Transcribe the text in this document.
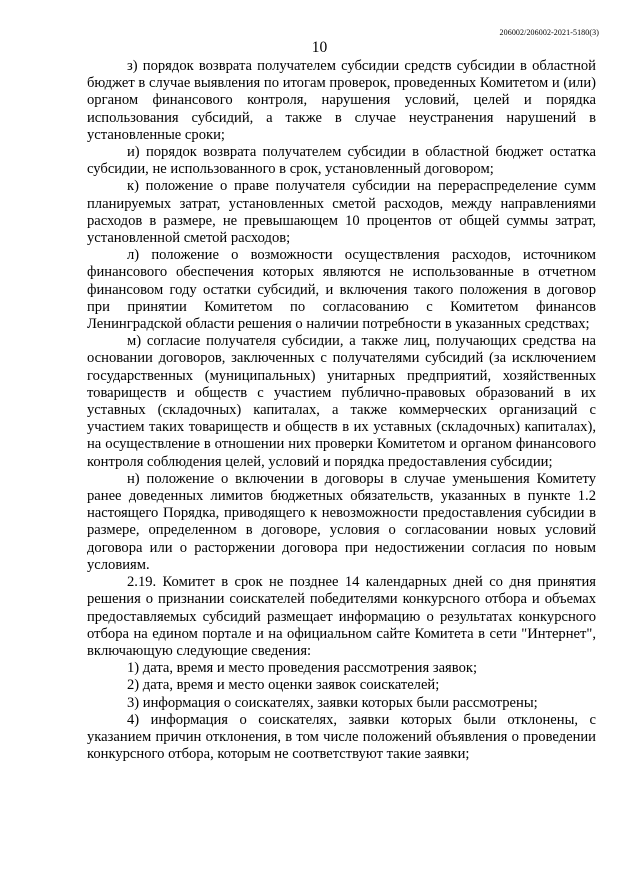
206002/206002-2021-5180(3)
10

з) порядок возврата получателем субсидии средств субсидии в областной бюджет в случае выявления по итогам проверок, проведенных Комитетом и (или) органом финансового контроля, нарушения условий, целей и порядка использования субсидий, а также в случае неустранения нарушений в установленные сроки;

и) порядок возврата получателем субсидии в областной бюджет остатка субсидии, не использованного в срок, установленный договором;

к) положение о праве получателя субсидии на перераспределение сумм планируемых затрат, установленных сметой расходов, между направлениями расходов в размере, не превышающем 10 процентов от общей суммы затрат, установленной сметой расходов;

л) положение о возможности осуществления расходов, источником финансового обеспечения которых являются не использованные в отчетном финансовом году остатки субсидий, и включения такого положения в договор при принятии Комитетом по согласованию с Комитетом финансов Ленинградской области решения о наличии потребности в указанных средствах;

м) согласие получателя субсидии, а также лиц, получающих средства на основании договоров, заключенных с получателями субсидий (за исключением государственных (муниципальных) унитарных предприятий, хозяйственных товариществ и обществ с участием публично-правовых образований в их уставных (складочных) капиталах, а также коммерческих организаций с участием таких товариществ и обществ в их уставных (складочных) капиталах), на осуществление в отношении них проверки Комитетом и органом финансового контроля соблюдения целей, условий и порядка предоставления субсидии;

н) положение о включении в договоры в случае уменьшения Комитету ранее доведенных лимитов бюджетных обязательств, указанных в пункте 1.2 настоящего Порядка, приводящего к невозможности предоставления субсидии в размере, определенном в договоре, условия о согласовании новых условий договора или о расторжении договора при недостижении согласия по новым условиям.

2.19. Комитет в срок не позднее 14 календарных дней со дня принятия решения о признании соискателей победителями конкурсного отбора и объемах предоставляемых субсидий размещает информацию о результатах конкурсного отбора на едином портале и на официальном сайте Комитета в сети "Интернет", включающую следующие сведения:

1) дата, время и место проведения рассмотрения заявок;

2) дата, время и место оценки заявок соискателей;

3) информация о соискателях, заявки которых были рассмотрены;

4) информация о соискателях, заявки которых были отклонены, с указанием причин отклонения, в том числе положений объявления о проведении конкурсного отбора, которым не соответствуют такие заявки;
